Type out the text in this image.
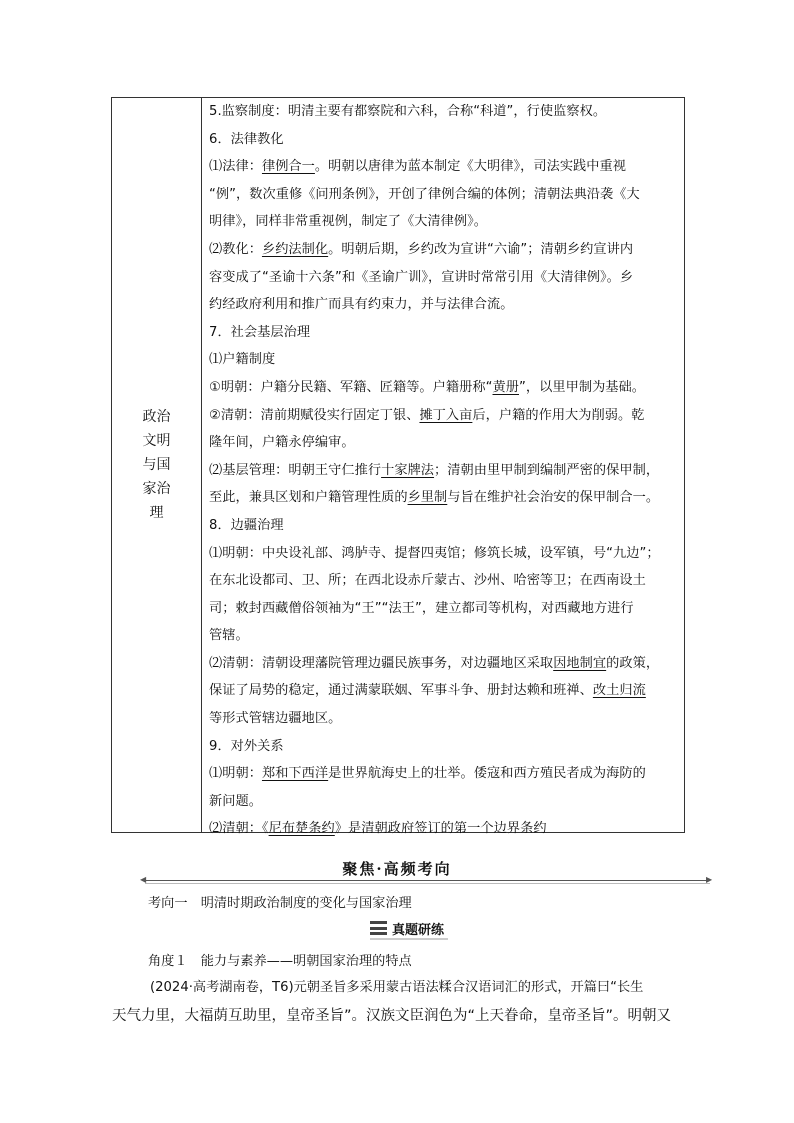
政治
文明
与国
家治
理

5.监察制度：明清主要有都察院和六科，合称“科道”，行使监察权。

6．法律教化

⑴法律：律例合一。明朝以唐律为蓝本制定《大明律》，司法实践中重视

“例”，数次重修《问刑条例》，开创了律例合编的体例；清朝法典沿袭《大

明律》，同样非常重视例，制定了《大清律例》。

⑵教化：乡约法制化。明朝后期，乡约改为宣讲“六谕”；清朝乡约宣讲内

容变成了“圣谕十六条”和《圣谕广训》，宣讲时常常引用《大清律例》。乡

约经政府利用和推广而具有约束力，并与法律合流。

7．社会基层治理

⑴户籍制度

①明朝：户籍分民籍、军籍、匠籍等。户籍册称“黄册”，以里甲制为基础。

②清朝：清前期赋役实行固定丁银、摊丁入亩后，户籍的作用大为削弱。乾

隆年间，户籍永停编审。

⑵基层管理：明朝王守仁推行十家牌法；清朝由里甲制到编制严密的保甲制，

至此，兼具区划和户籍管理性质的乡里制与旨在维护社会治安的保甲制合一。

8．边疆治理

⑴明朝：中央设礼部、鸿胪寺、提督四夷馆；修筑长城，设军镇，号“九边”；

在东北设都司、卫、所；在西北设赤斤蒙古、沙州、哈密等卫；在西南设土

司；敕封西藏僧俗领袖为“王”“法王”，建立都司等机构，对西藏地方进行

管辖。

⑵清朝：清朝设理藩院管理边疆民族事务，对边疆地区采取因地制宜的政策，

保证了局势的稳定，通过满蒙联姻、军事斗争、册封达赖和班禅、改土归流

等形式管辖边疆地区。

9．对外关系

⑴明朝：郑和下西洋是世界航海史上的壮举。倭寇和西方殖民者成为海防的

新问题。

⑵清朝：《尼布楚条约》是清朝政府签订的第一个边界条约

聚焦·高频考向
◀	▶
考向一　明清时期政治制度的变化与国家治理
真题研练
角度１　能力与素养——明朝国家治理的特点
(2024·高考湖南卷，T6)元朝圣旨多采用蒙古语法糅合汉语词汇的形式，开篇曰“长生
天气力里，大福荫互助里，皇帝圣旨”。汉族文臣润色为“上天眷命，皇帝圣旨”。明朝又
